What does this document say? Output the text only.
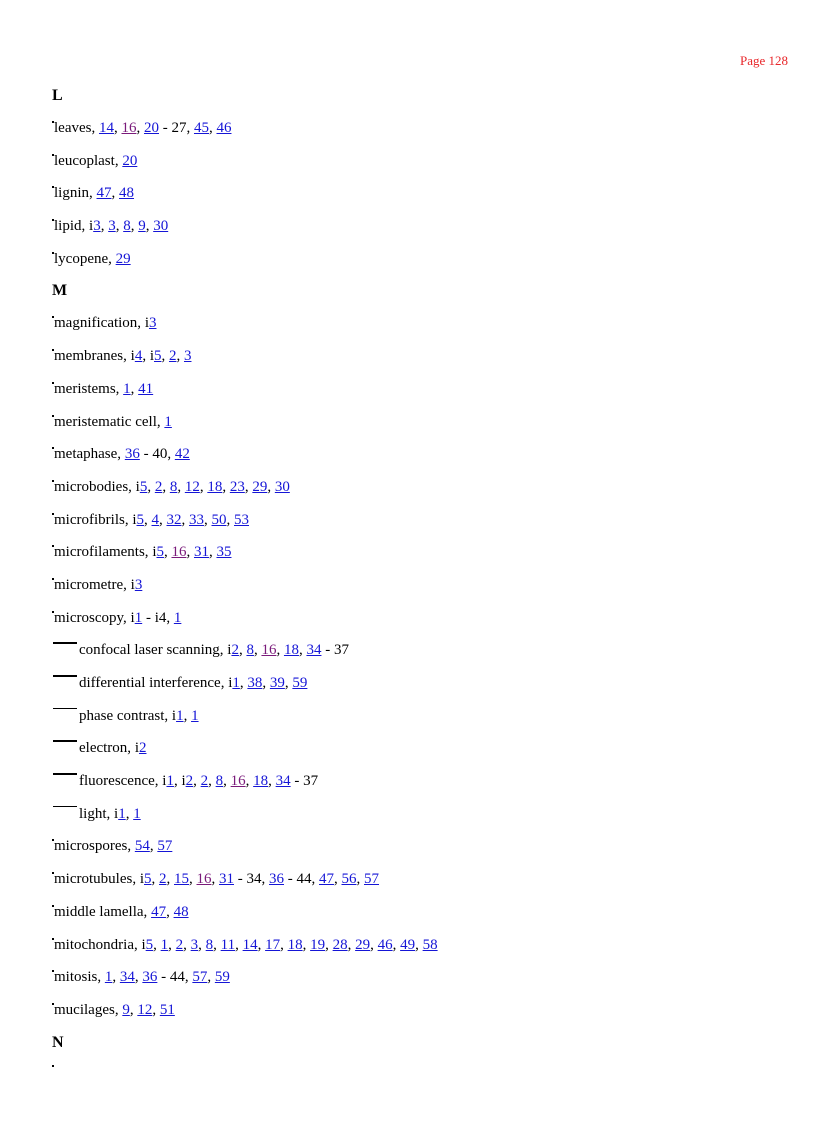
Page 128
L
leaves, 14, 16, 20 - 27, 45, 46
leucoplast, 20
lignin, 47, 48
lipid, i3, 3, 8, 9, 30
lycopene, 29
M
magnification, i3
membranes, i4, i5, 2, 3
meristems, 1, 41
meristematic cell, 1
metaphase, 36 - 40, 42
microbodies, i5, 2, 8, 12, 18, 23, 29, 30
microfibrils, i5, 4, 32, 33, 50, 53
microfilaments, i5, 16, 31, 35
micrometre, i3
microscopy, i1 - i4, 1
confocal laser scanning, i2, 8, 16, 18, 34 - 37
differential interference, i1, 38, 39, 59
phase contrast, i1, 1
electron, i2
fluorescence, i1, i2, 2, 8, 16, 18, 34 - 37
light, i1, 1
microspores, 54, 57
microtubules, i5, 2, 15, 16, 31 - 34, 36 - 44, 47, 56, 57
middle lamella, 47, 48
mitochondria, i5, 1, 2, 3, 8, 11, 14, 17, 18, 19, 28, 29, 46, 49, 58
mitosis, 1, 34, 36 - 44, 57, 59
mucilages, 9, 12, 51
N
